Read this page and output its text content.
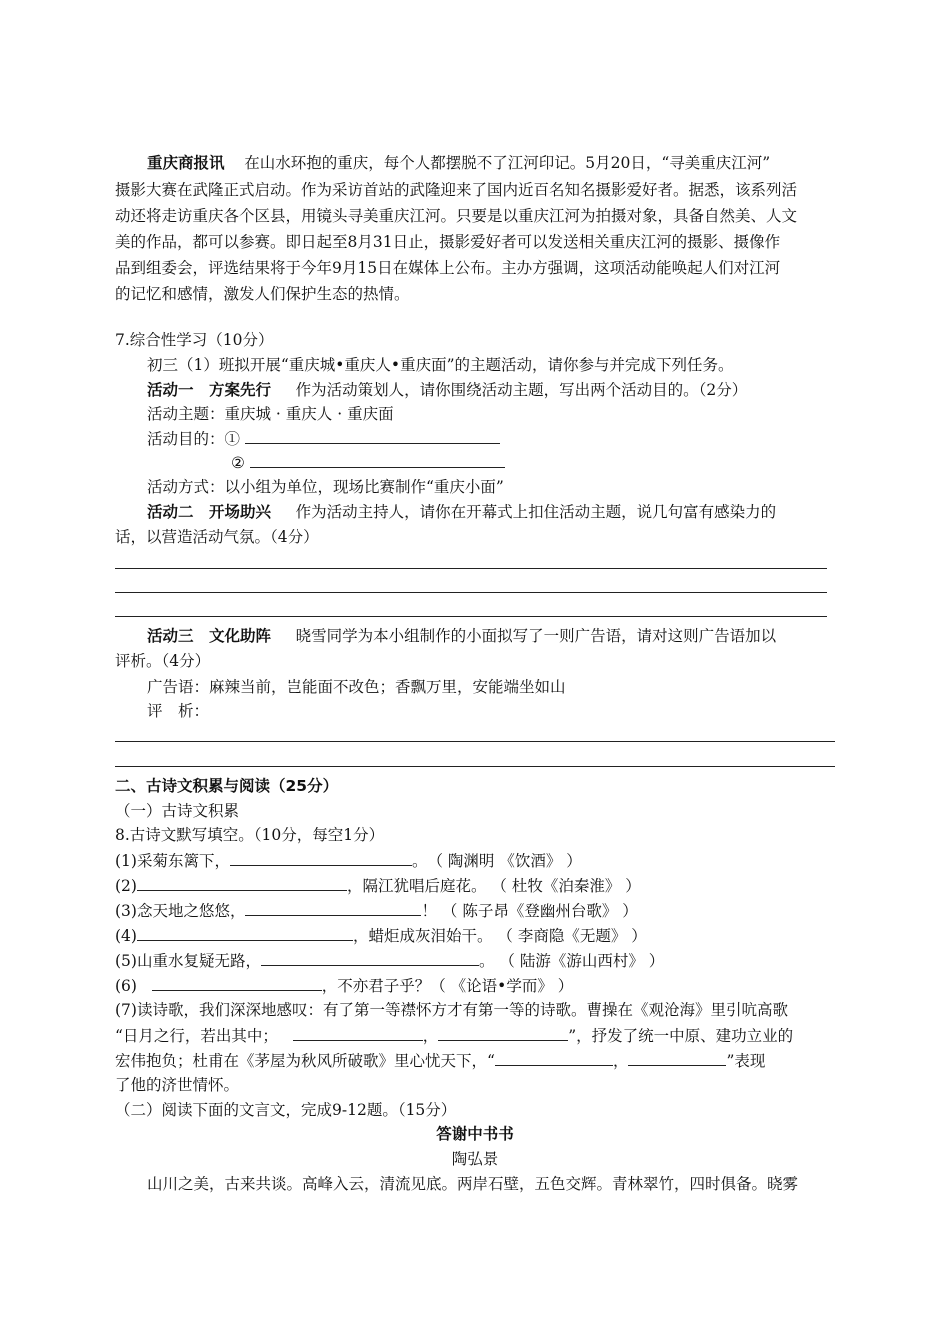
重庆商报讯 在山水环抱的重庆，每个人都摆脱不了江河印记。5月20日，“寻美重庆江河”
摄影大赛在武隆正式启动。作为采访首站的武隆迎来了国内近百名知名摄影爱好者。据悉，该系列活
动还将走访重庆各个区县，用镜头寻美重庆江河。只要是以重庆江河为拍摄对象，具备自然美、人文
美的作品，都可以参赛。即日起至8月31日止，摄影爱好者可以发送相关重庆江河的摄影、摄像作
品到组委会，评选结果将于今年9月15日在媒体上公布。主办方强调，这项活动能唤起人们对江河
的记忆和感情，激发人们保护生态的热情。
7.综合性学习（10分）
初三（1）班拟开展“重庆城•重庆人•重庆面”的主题活动，请你参与并完成下列任务。
活动一　方案先行 作为活动策划人，请你围绕活动主题，写出两个活动目的。（2分）
活动主题：重庆城 · 重庆人 · 重庆面
活动目的：①
②
活动方式：以小组为单位，现场比赛制作“重庆小面”
活动二　开场助兴 作为活动主持人，请你在开幕式上扣住活动主题，说几句富有感染力的
话，以营造活动气氛。（4分）
活动三　文化助阵 晓雪同学为本小组制作的小面拟写了一则广告语，请对这则广告语加以
评析。（4分）
广告语：麻辣当前，岂能面不改色；香飘万里，安能端坐如山
评　析：
二、古诗文积累与阅读（25分）
（一）古诗文积累
8.古诗文默写填空。（10分，每空1分）
(1)采菊东篱下，	。　（ 陶渊明 《饮酒》 ）
(2)	，隔江犹唱后庭花。 （ 杜牧《泊秦淮》 ）
(3)念天地之悠悠，	！ （ 陈子昂《登幽州台歌》 ）
(4)	，蜡炬成灰泪始干。 （ 李商隐《无题》 ）
(5)山重水复疑无路，	。 （ 陆游《游山西村》 ）
(6)	，不亦君子乎？（ 《论语•学而》 ）
(7)读诗歌，我们深深地感叹：有了第一等襟怀方才有第一等的诗歌。曹操在《观沧海》里引吭高歌
“日月之行，若出其中；	，	”，抒发了统一中原、建功立业的
宏伟抱负；杜甫在《茅屋为秋风所破歌》里心忧天下，“	，	”表现
了他的济世情怀。
（二）阅读下面的文言文，完成9-12题。（15分）
答谢中书书
陶弘景
山川之美，古来共谈。高峰入云，清流见底。两岸石壁，五色交辉。青林翠竹，四时俱备。晓雾
